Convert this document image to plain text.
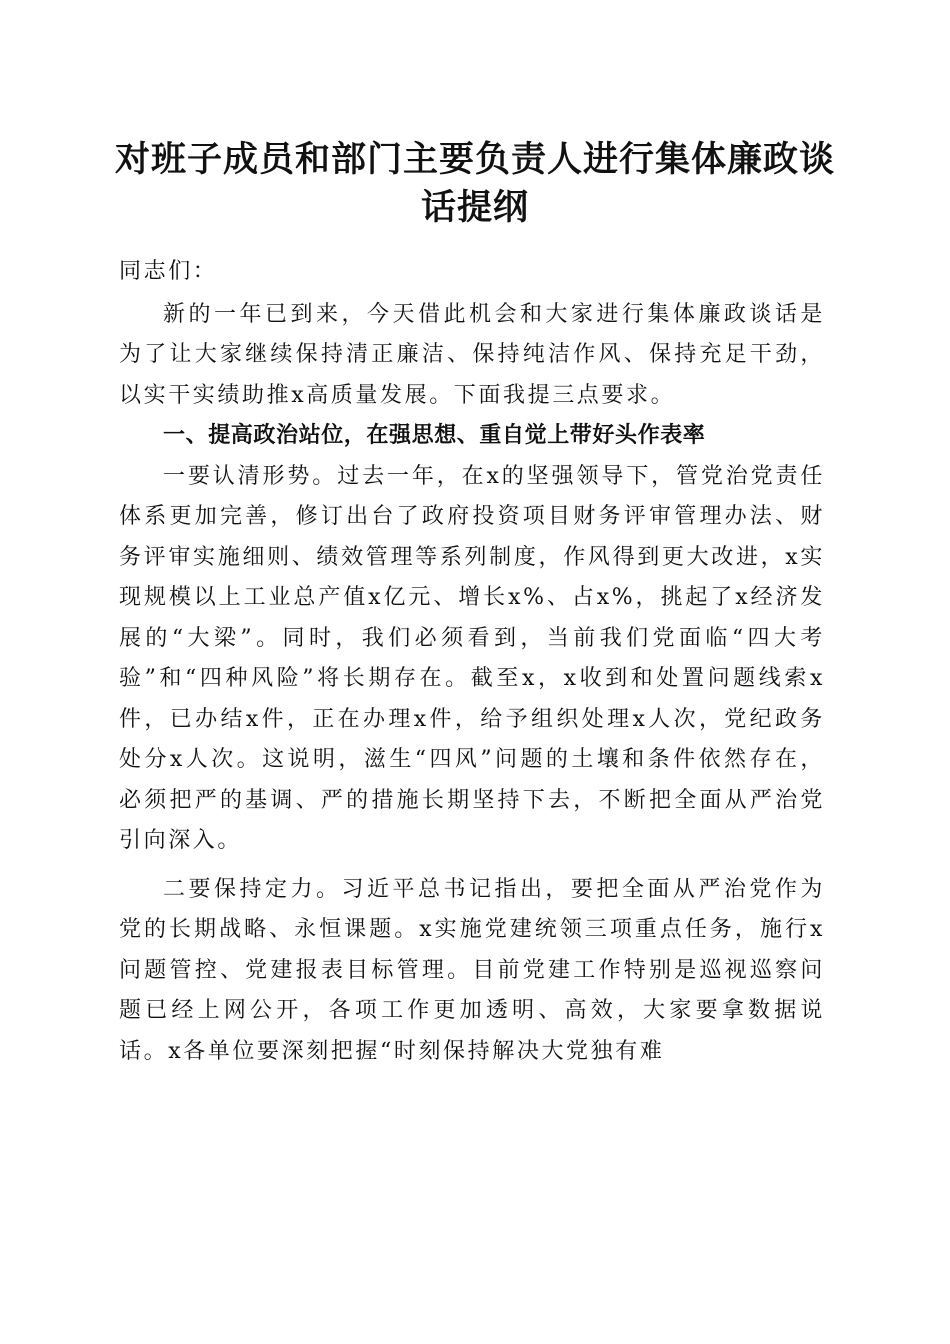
对班子成员和部门主要负责人进行集体廉政谈话提纲

同志们：

新的一年已到来，今天借此机会和大家进行集体廉政谈话是为了让大家继续保持清正廉洁、保持纯洁作风、保持充足干劲，以实干实绩助推x高质量发展。下面我提三点要求。

一、提高政治站位，在强思想、重自觉上带好头作表率

一要认清形势。过去一年，在x的坚强领导下，管党治党责任体系更加完善，修订出台了政府投资项目财务评审管理办法、财务评审实施细则、绩效管理等系列制度，作风得到更大改进，x实现规模以上工业总产值x亿元、增长x%、占x%，挑起了x经济发展的“大梁”。同时，我们必须看到，当前我们党面临“四大考验”和“四种风险”将长期存在。截至x，x收到和处置问题线索x件，已办结x件，正在办理x件，给予组织处理x人次，党纪政务处分x人次。这说明，滋生“四风”问题的土壤和条件依然存在，必须把严的基调、严的措施长期坚持下去，不断把全面从严治党引向深入。

二要保持定力。习近平总书记指出，要把全面从严治党作为党的长期战略、永恒课题。x实施党建统领三项重点任务，施行x问题管控、党建报表目标管理。目前党建工作特别是巡视巡察问题已经上网公开，各项工作更加透明、高效，大家要拿数据说话。x各单位要深刻把握“时刻保持解决大党独有难
